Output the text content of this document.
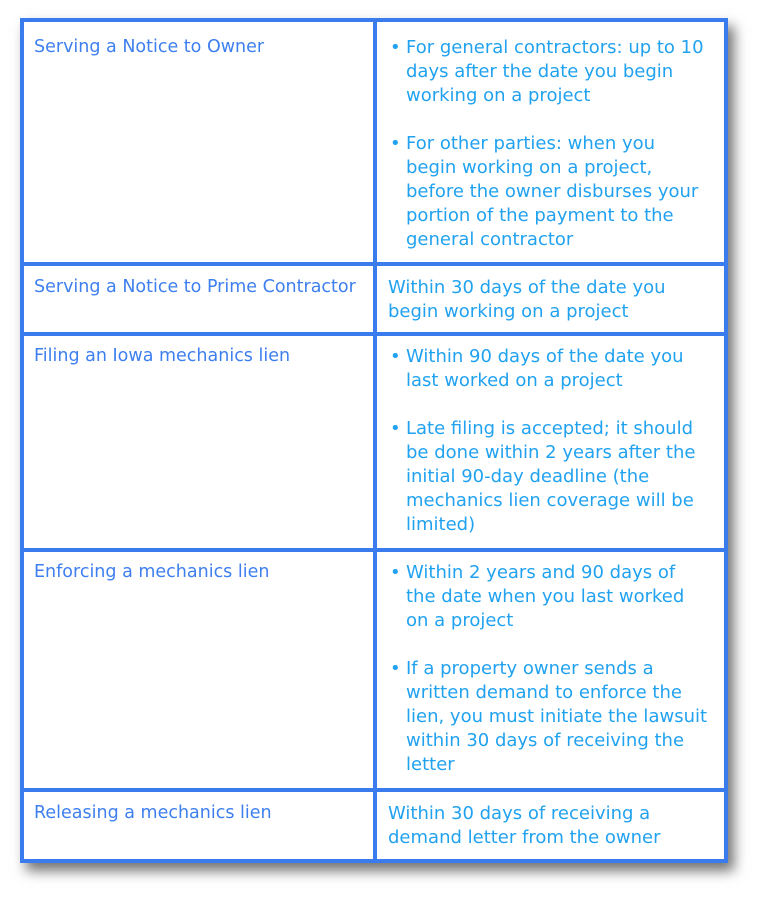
Serving a Notice to Owner	• For general contractors: up to 10 days after the date you begin working on a project
• For other parties: when you begin working on a project, before the owner disburses your portion of the payment to the general contractor
Serving a Notice to Prime Contractor	Within 30 days of the date you begin working on a project
Filing an Iowa mechanics lien	• Within 90 days of the date you last worked on a project
• Late filing is accepted; it should be done within 2 years after the initial 90-day deadline (the mechanics lien coverage will be limited)
Enforcing a mechanics lien	• Within 2 years and 90 days of the date when you last worked on a project
• If a property owner sends a written demand to enforce the lien, you must initiate the lawsuit within 30 days of receiving the letter
Releasing a mechanics lien	Within 30 days of receiving a demand letter from the owner
